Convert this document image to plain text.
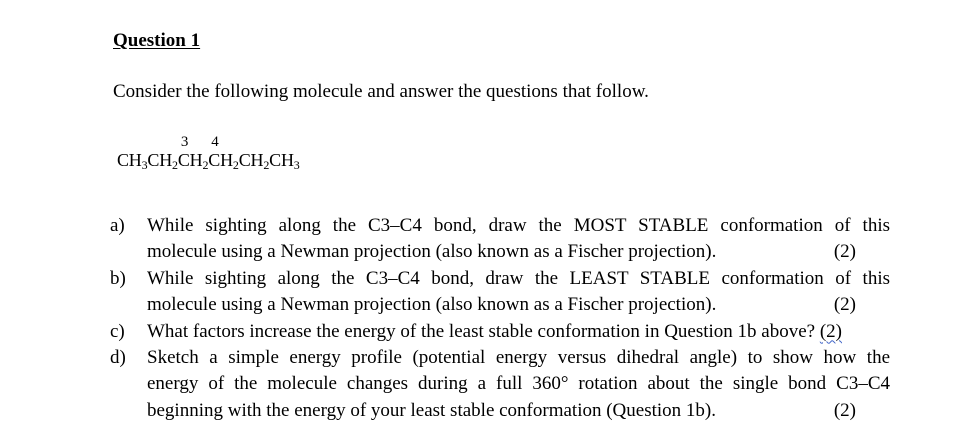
Question 1
Consider the following molecule and answer the questions that follow.
$CH_3CH_2$
3
$CH_2$
4
$CH_2CH_2CH_3$
a)	While sighting along the C3–C4 bond, draw the MOST STABLE conformation of this
molecule using a Newman projection (also known as a Fischer projection).	(2)
b)	While sighting along the C3–C4 bond, draw the LEAST STABLE conformation of this
molecule using a Newman projection (also known as a Fischer projection).	(2)
c)	What factors increase the energy of the least stable conformation in Question 1b above? (2)
d)	Sketch a simple energy profile (potential energy versus dihedral angle) to show how the
energy of the molecule changes during a full 360° rotation about the single bond C3–C4
beginning with the energy of your least stable conformation (Question 1b).	(2)
